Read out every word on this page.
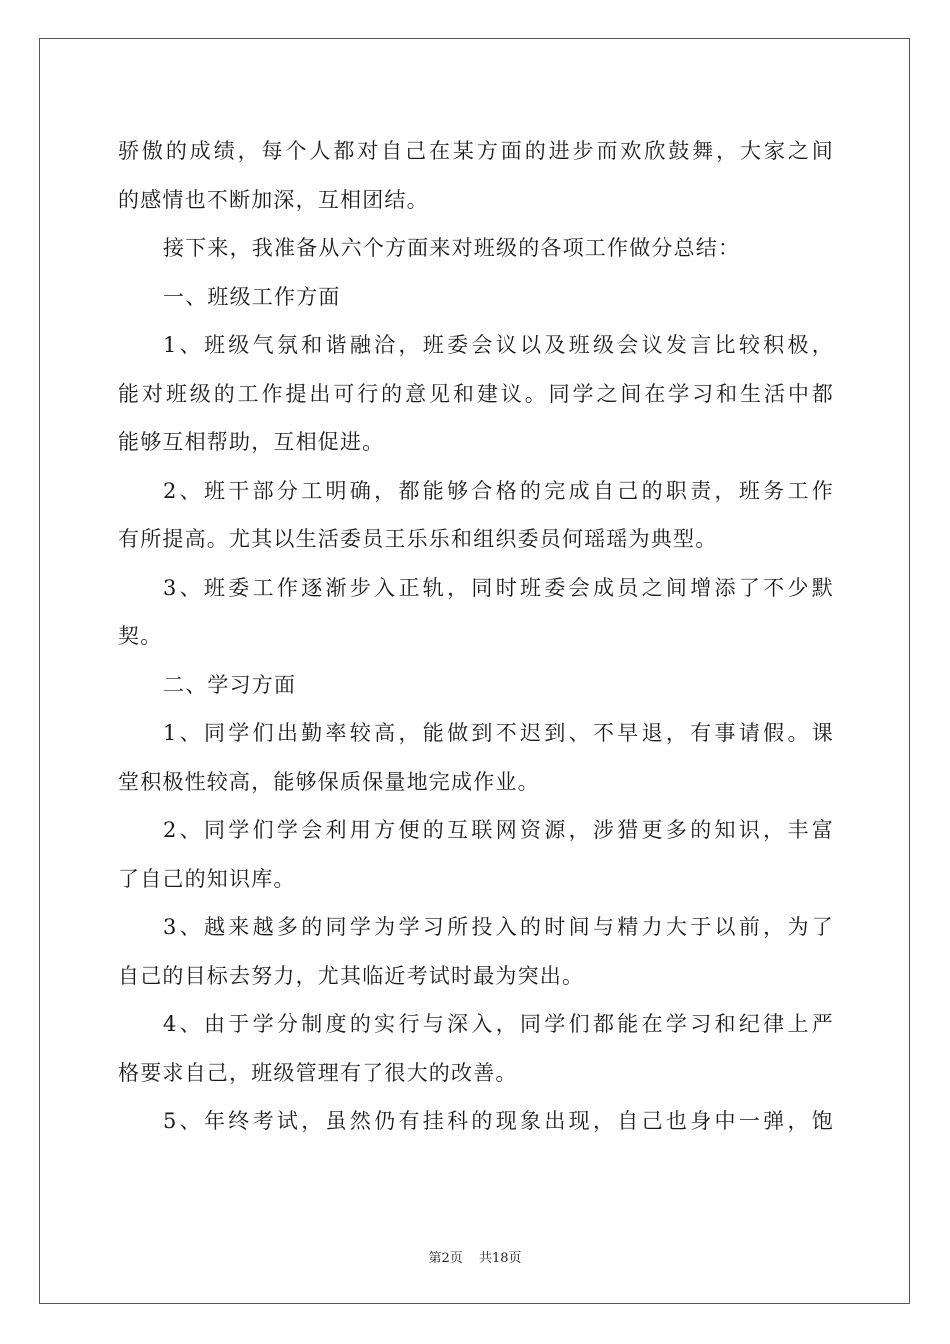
骄傲的成绩，每个人都对自己在某方面的进步而欢欣鼓舞，大家之间
的感情也不断加深，互相团结。
接下来，我准备从六个方面来对班级的各项工作做分总结：
一、班级工作方面
1、班级气氛和谐融洽，班委会议以及班级会议发言比较积极，
能对班级的工作提出可行的意见和建议。同学之间在学习和生活中都
能够互相帮助，互相促进。
2、班干部分工明确，都能够合格的完成自己的职责，班务工作
有所提高。尤其以生活委员王乐乐和组织委员何瑶瑶为典型。
3、班委工作逐渐步入正轨，同时班委会成员之间增添了不少默
契。
二、学习方面
1、同学们出勤率较高，能做到不迟到、不早退，有事请假。课
堂积极性较高，能够保质保量地完成作业。
2、同学们学会利用方便的互联网资源，涉猎更多的知识，丰富
了自己的知识库。
3、越来越多的同学为学习所投入的时间与精力大于以前，为了
自己的目标去努力，尤其临近考试时最为突出。
4、由于学分制度的实行与深入，同学们都能在学习和纪律上严
格要求自己，班级管理有了很大的改善。
5、年终考试，虽然仍有挂科的现象出现，自己也身中一弹，饱
第2页 共18页
